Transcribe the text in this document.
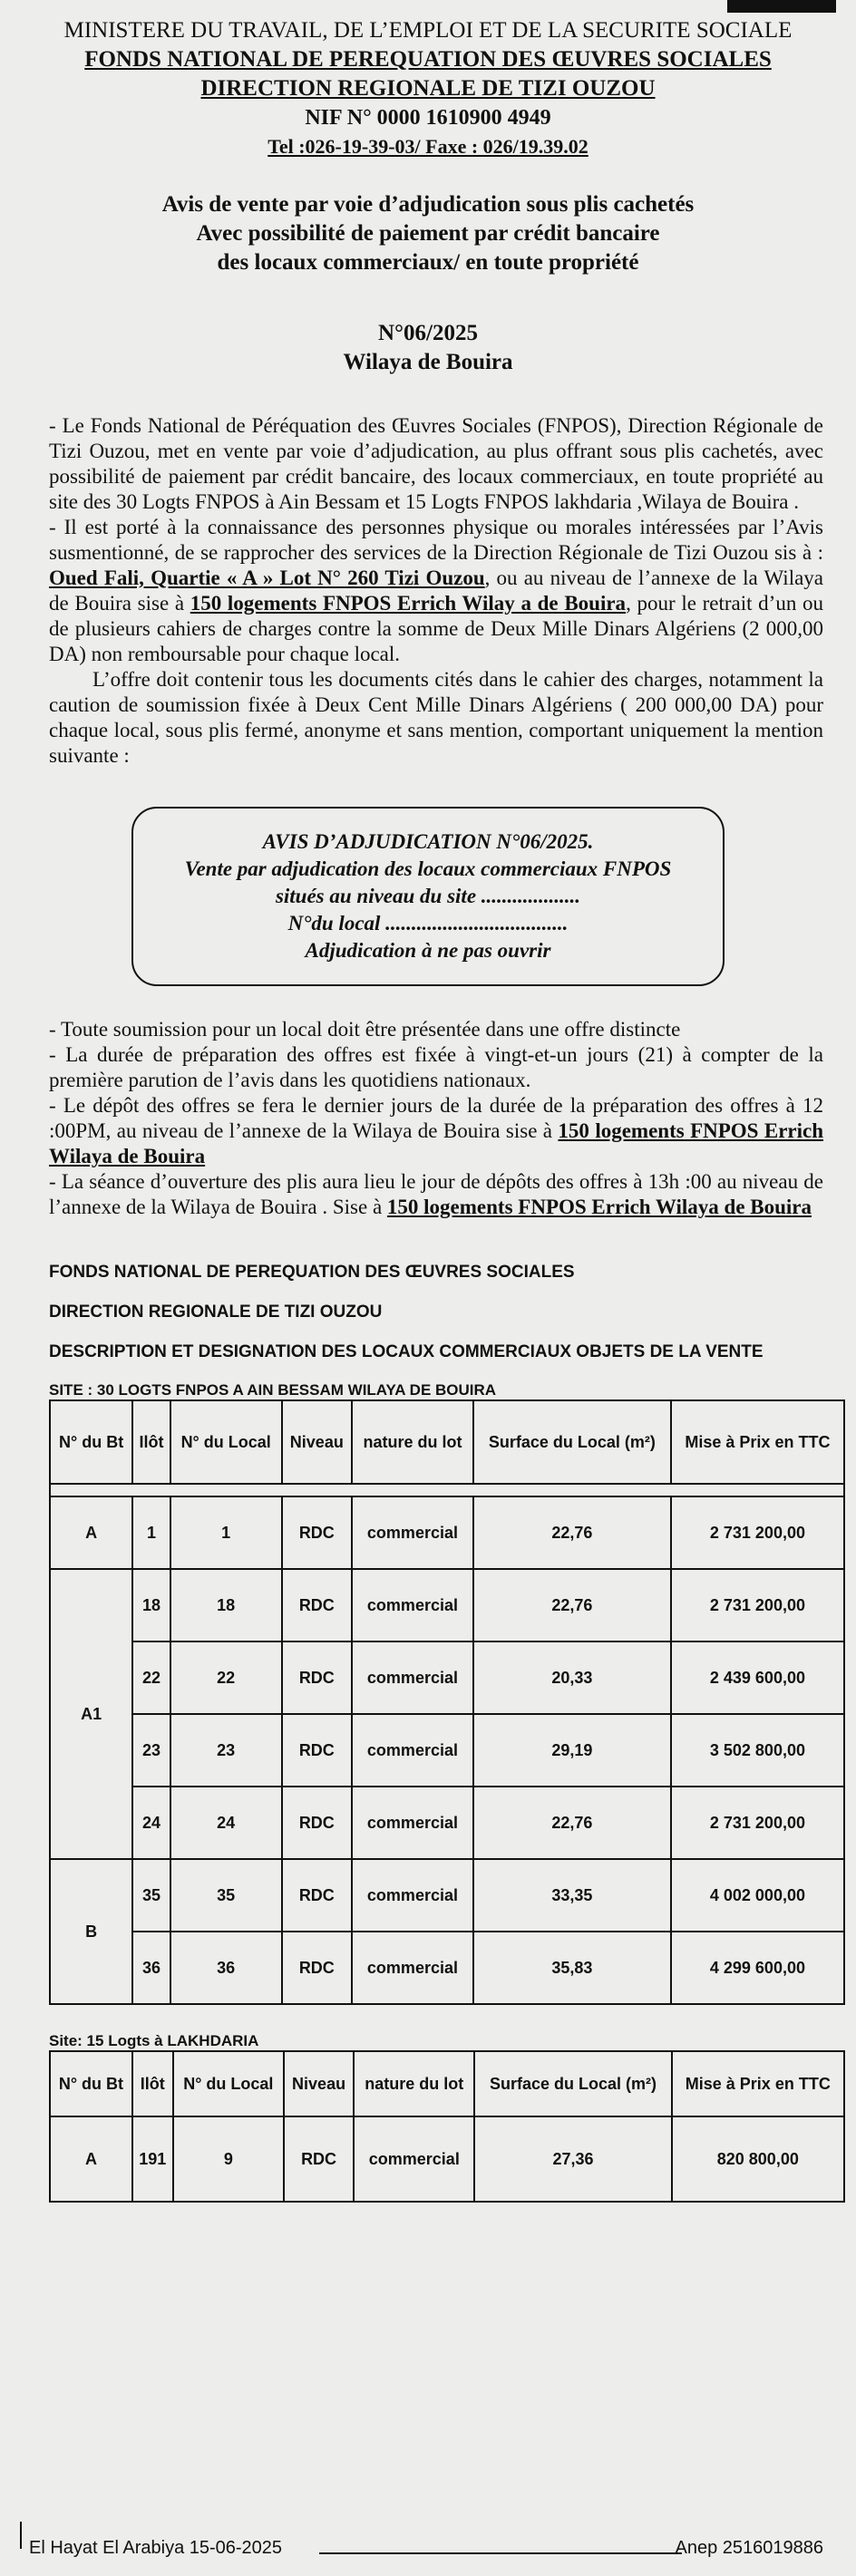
MINISTERE DU TRAVAIL, DE L’EMPLOI ET DE LA SECURITE SOCIALE
FONDS NATIONAL DE PEREQUATION DES ŒUVRES SOCIALES
DIRECTION REGIONALE DE TIZI OUZOU
NIF N° 0000 1610900 4949
Tel :026-19-39-03/ Faxe : 026/19.39.02
Avis de vente par voie d’adjudication sous plis cachetés
Avec possibilité de paiement par crédit bancaire
des locaux commerciaux/ en toute propriété
N°06/2025
Wilaya de Bouira

- Le Fonds National de Péréquation des Œuvres Sociales (FNPOS), Direction Régionale de Tizi Ouzou, met en vente par voie d’adjudication, au plus offrant sous plis cachetés, avec possibilité de paiement par crédit bancaire, des locaux commerciaux, en toute propriété au site des 30 Logts FNPOS à Ain Bessam et 15 Logts FNPOS lakhdaria ,Wilaya de Bouira .

- Il est porté à la connaissance des personnes physique ou morales intéressées par l’Avis susmentionné, de se rapprocher des services de la Direction Régionale de Tizi Ouzou sis à : Oued Fali, Quartie « A » Lot N° 260 Tizi Ouzou, ou au niveau de l’annexe de la Wilaya de Bouira sise à 150 logements FNPOS Errich Wilay a de Bouira, pour le retrait d’un ou de plusieurs cahiers de charges contre la somme de Deux Mille Dinars Algériens (2 000,00 DA) non remboursable pour chaque local.

L’offre doit contenir tous les documents cités dans le cahier des charges, notamment la caution de soumission fixée à Deux Cent Mille Dinars Algériens ( 200 000,00 DA) pour chaque local, sous plis fermé, anonyme et sans mention, comportant uniquement la mention suivante :

AVIS D’ADJUDICATION N°06/2025.
Vente par adjudication des locaux commerciaux FNPOS
situés au niveau du site ...................
N°du local ...................................
Adjudication à ne pas ouvrir

- Toute soumission pour un local doit être présentée dans une offre distincte

- La durée de préparation des offres est fixée à vingt-et-un jours (21) à compter de la première parution de l’avis dans les quotidiens nationaux.

- Le dépôt des offres se fera le dernier jours de la durée de la préparation des offres à 12 :00PM, au niveau de l’annexe de la Wilaya de Bouira sise à 150 logements FNPOS Errich Wilaya de Bouira

- La séance d’ouverture des plis aura lieu le jour de dépôts des offres à 13h :00 au niveau de l’annexe de la Wilaya de Bouira . Sise à 150 logements FNPOS Errich Wilaya de Bouira

FONDS NATIONAL DE PEREQUATION DES ŒUVRES SOCIALES
DIRECTION REGIONALE DE TIZI OUZOU
DESCRIPTION ET DESIGNATION DES LOCAUX COMMERCIAUX OBJETS DE LA VENTE
SITE : 30 LOGTS FNPOS A AIN BESSAM WILAYA DE BOUIRA
N° du Bt	Ilôt	N° du Local	Niveau	nature du lot	Surface du Local (m²)	Mise à Prix en TTC

A	1	1	RDC	commercial	22,76	2 731 200,00
A1	18	18	RDC	commercial	22,76	2 731 200,00
	22	22	RDC	commercial	20,33	2 439 600,00
	23	23	RDC	commercial	29,19	3 502 800,00
	24	24	RDC	commercial	22,76	2 731 200,00
B	35	35	RDC	commercial	33,35	4 002 000,00
	36	36	RDC	commercial	35,83	4 299 600,00
Site: 15 Logts à LAKHDARIA
N° du Bt	Ilôt	N° du Local	Niveau	nature du lot	Surface du Local (m²)	Mise à Prix en TTC
A	191	9	RDC	commercial	27,36	820 800,00
El Hayat El Arabiya 15-06-2025	Anep 2516019886
